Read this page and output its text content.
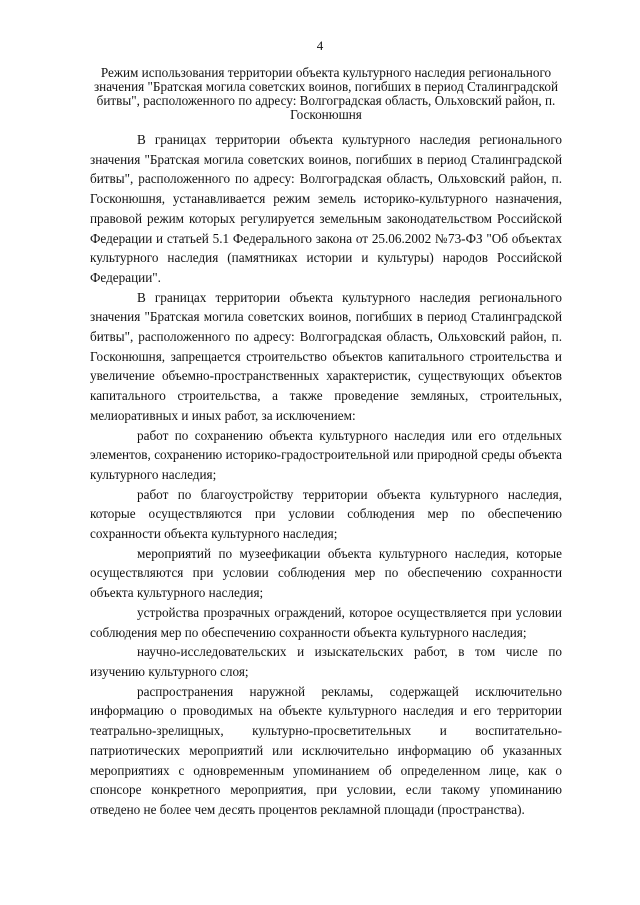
4
Режим использования территории объекта культурного наследия регионального значения "Братская могила советских воинов, погибших в период Сталинградской битвы", расположенного по адресу: Волгоградская область, Ольховский район, п. Госконюшня

В границах территории объекта культурного наследия регионального значения "Братская могила советских воинов, погибших в период Сталинградской битвы", расположенного по адресу: Волгоградская область, Ольховский район, п. Госконюшня, устанавливается режим земель историко-культурного назначения, правовой режим которых регулируется земельным законодательством Российской Федерации и статьей 5.1 Федерального закона от 25.06.2002 №73-ФЗ "Об объектах культурного наследия (памятниках истории и культуры) народов Российской Федерации".

В границах территории объекта культурного наследия регионального значения "Братская могила советских воинов, погибших в период Сталинградской битвы", расположенного по адресу: Волгоградская область, Ольховский район, п. Госконюшня, запрещается строительство объектов капитального строительства и увеличение объемно-пространственных характеристик, существующих объектов капитального строительства, а также проведение земляных, строительных, мелиоративных и иных работ, за исключением:

работ по сохранению объекта культурного наследия или его отдельных элементов, сохранению историко-градостроительной или природной среды объекта культурного наследия;
работ по благоустройству территории объекта культурного наследия, которые осуществляются при условии соблюдения мер по обеспечению сохранности объекта культурного наследия;
мероприятий по музеефикации объекта культурного наследия, которые осуществляются при условии соблюдения мер по обеспечению сохранности объекта культурного наследия;
устройства прозрачных ограждений, которое осуществляется при условии соблюдения мер по обеспечению сохранности объекта культурного наследия;
научно-исследовательских и изыскательских работ, в том числе по изучению культурного слоя;
распространения наружной рекламы, содержащей исключительно информацию о проводимых на объекте культурного наследия и его территории театрально-зрелищных, культурно-просветительных и воспитательно-патриотических мероприятий или исключительно информацию об указанных мероприятиях с одновременным упоминанием об определенном лице, как о спонсоре конкретного мероприятия, при условии, если такому упоминанию отведено не более чем десять процентов рекламной площади (пространства).
